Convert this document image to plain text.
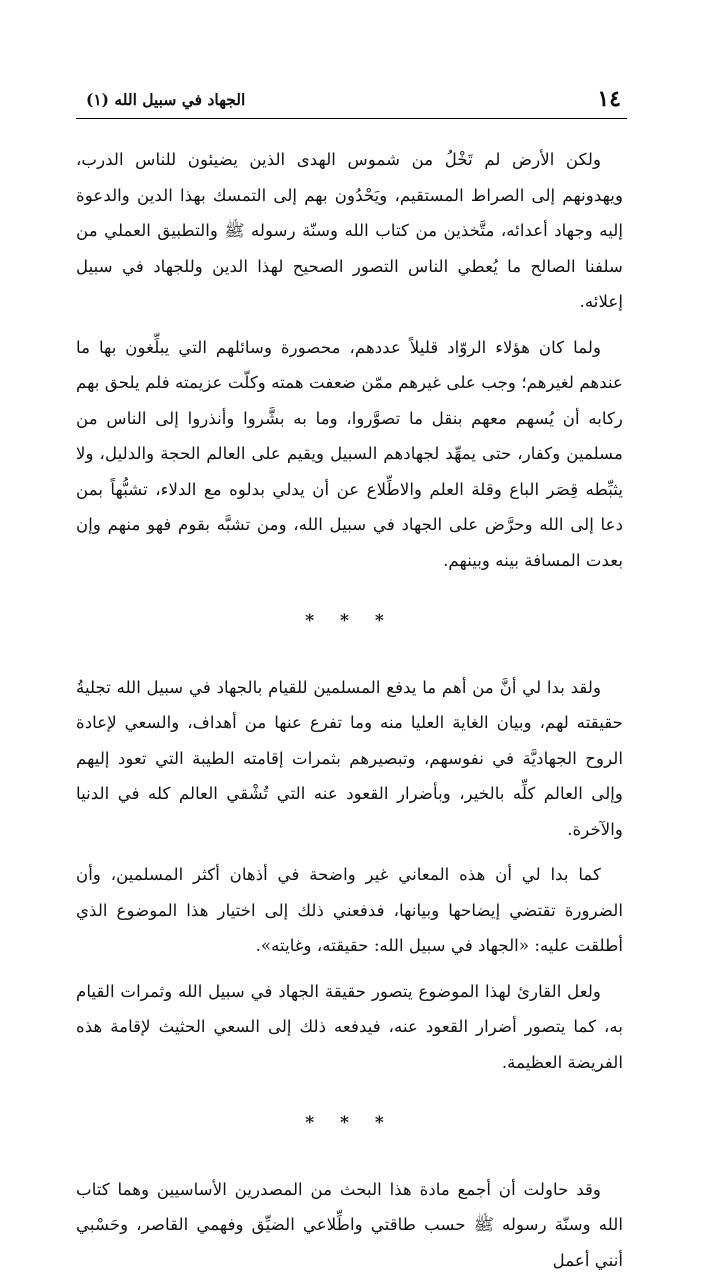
١٤
الجهاد في سبيل الله (١)

ولكن الأرض لم تَخْلُ من شموس الهدى الذين يضيئون للناس الدرب، ويهدونهم إلى الصراط المستقيم، ويَحْدُون بهم إلى التمسك بهذا الدين والدعوة إليه وجهاد أعدائه، متَّخذين من كتاب الله وسنّة رسوله ﷺ والتطبيق العملي من سلفنا الصالح ما يُعطي الناس التصور الصحيح لهذا الدين وللجهاد في سبيل إعلائه.

ولما كان هؤلاء الروّاد قليلاً عددهم، محصورة وسائلهم التي يبلِّغون بها ما عندهم لغيرهم؛ وجب على غيرهم ممّن ضعفت همته وكلّت عزيمته فلم يلحق بهم ركابه أن يُسهم معهم بنقل ما تصوَّروا، وما به بشَّروا وأنذروا إلى الناس من مسلمين وكفار، حتى يمهِّد لجهادهم السبيل ويقيم على العالم الحجة والدليل، ولا يثبِّطه قِصَر الباع وقلة العلم والاطِّلاع عن أن يدلي بدلوه مع الدلاء، تشبُّهاً بمن دعا إلى الله وحرَّض على الجهاد في سبيل الله، ومن تشبَّه بقوم فهو منهم وإن بعدت المسافة بينه وبينهم.

* * *

ولقد بدا لي أنَّ من أهم ما يدفع المسلمين للقيام بالجهاد في سبيل الله تجليةُ حقيقته لهم، وبيان الغاية العليا منه وما تفرع عنها من أهداف، والسعي لإعادة الروح الجهاديَّة في نفوسهم، وتبصيرهم بثمرات إقامته الطيبة التي تعود إليهم وإلى العالم كلِّه بالخير، وبأضرار القعود عنه التي تُشْقي العالم كله في الدنيا والآخرة.

كما بدا لي أن هذه المعاني غير واضحة في أذهان أكثر المسلمين، وأن الضرورة تقتضي إيضاحها وبيانها، فدفعني ذلك إلى اختيار هذا الموضوع الذي أطلقت عليه: «الجهاد في سبيل الله: حقيقته، وغايته».

ولعل القارئ لهذا الموضوع يتصور حقيقة الجهاد في سبيل الله وثمرات القيام به، كما يتصور أضرار القعود عنه، فيدفعه ذلك إلى السعي الحثيث لإقامة هذه الفريضة العظيمة.

* * *

وقد حاولت أن أجمع مادة هذا البحث من المصدرين الأساسيين وهما كتاب الله وسنّة رسوله ﷺ حسب طاقتي واطِّلاعي الضيِّق وفهمي القاصر، وحَسْبي أنني أعمل
